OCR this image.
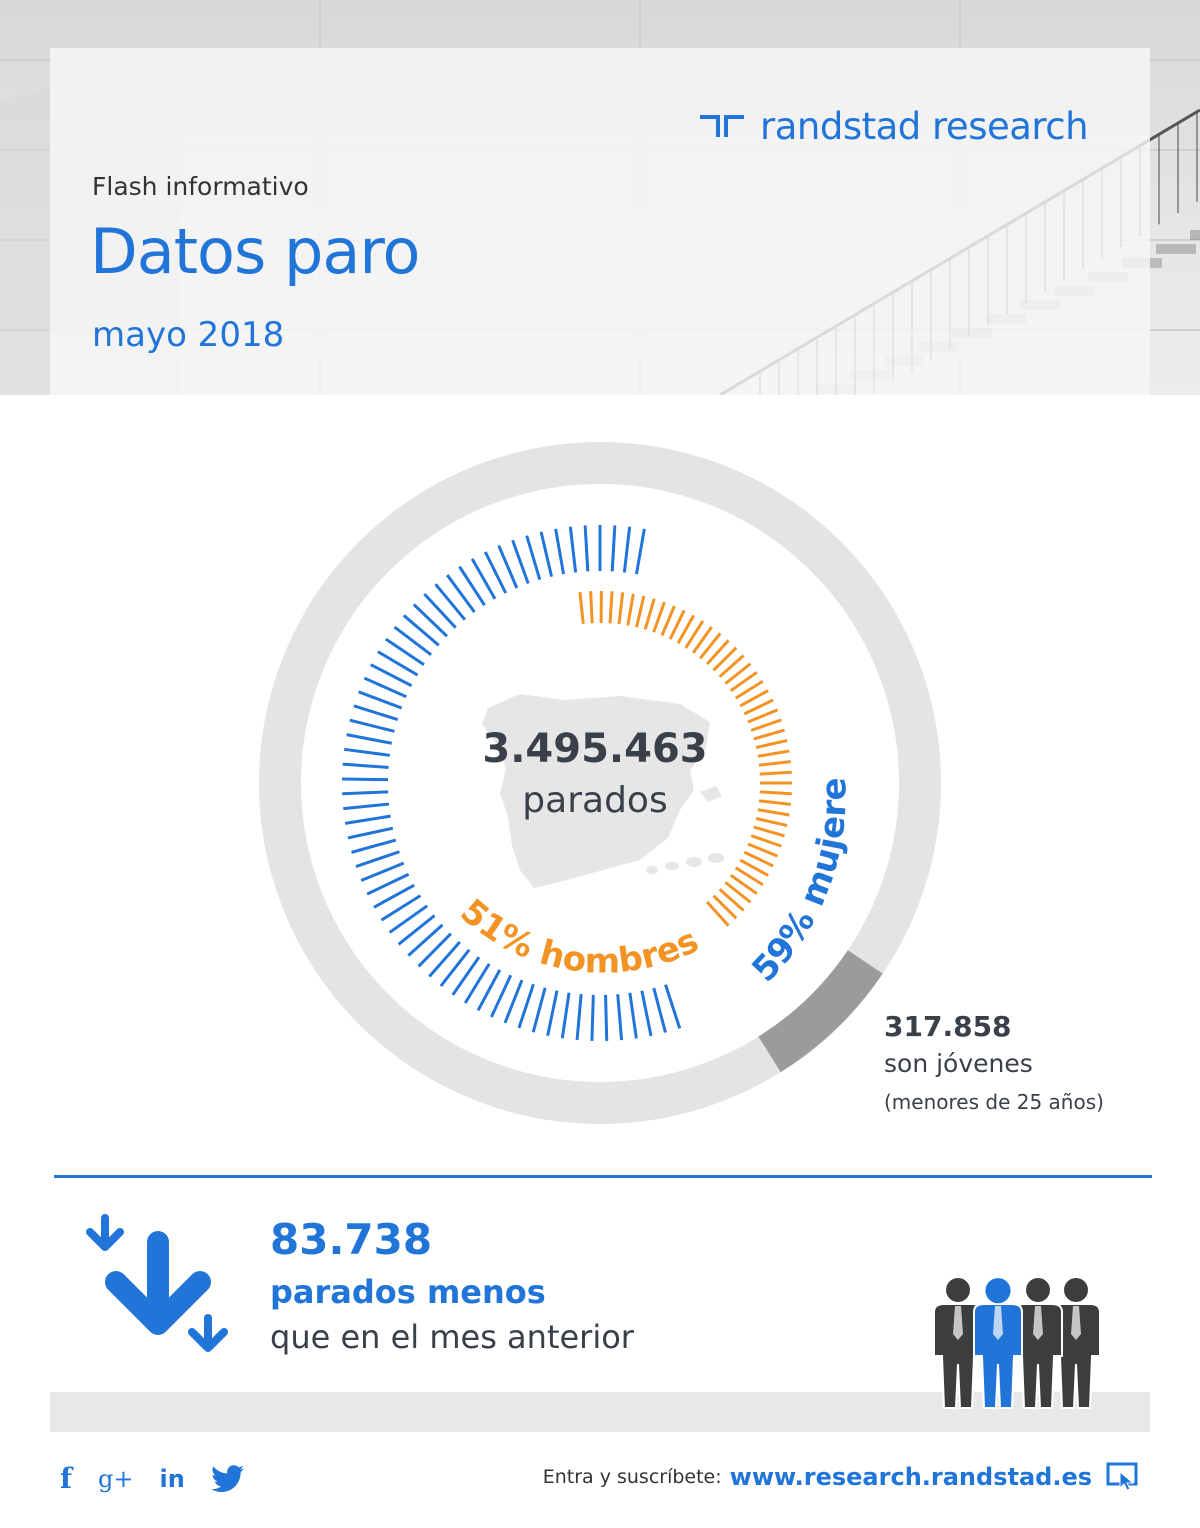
randstad research
Flash informativo
Datos paro
mayo 2018
51% hombres
59% mujere
3.495.463
parados
317.858
son jóvenes
(menores de 25 años)
83.738
parados menos
que en el mes anterior
f g+ in	Entra y suscríbete: www.research.randstad.es
